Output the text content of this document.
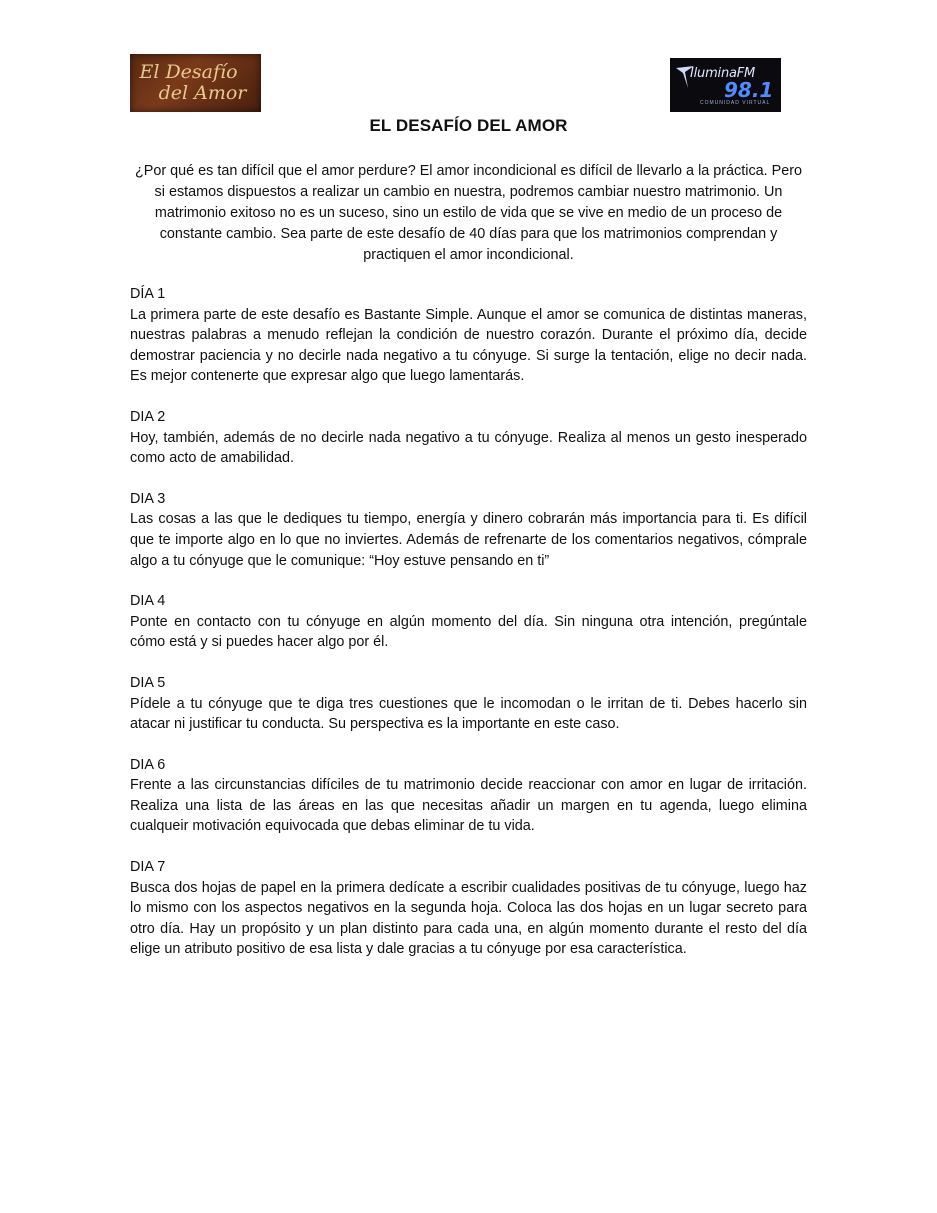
El Desafío
del Amor
IluminaFM
98.1
COMUNIDAD VIRTUAL
EL DESAFÍO DEL AMOR
¿Por qué es tan difícil que el amor perdure? El amor incondicional es difícil de llevarlo a la práctica. Pero si estamos dispuestos a realizar un cambio en nuestra, podremos cambiar nuestro matrimonio. Un matrimonio exitoso no es un suceso, sino un estilo de vida que se vive en medio de un proceso de constante cambio. Sea parte de este desafío de 40 días para que los matrimonios comprendan y practiquen el amor incondicional.
DÍA 1
La primera parte de este desafío es Bastante Simple. Aunque el amor se comunica de distintas maneras, nuestras palabras a menudo reflejan la condición de nuestro corazón. Durante el próximo día, decide demostrar paciencia y no decirle nada negativo a tu cónyuge. Si surge la tentación, elige no decir nada. Es mejor contenerte que expresar algo que luego lamentarás.
DIA 2
Hoy, también, además de no decirle nada negativo a tu cónyuge. Realiza al menos un gesto inesperado como acto de amabilidad.
DIA 3
Las cosas a las que le dediques tu tiempo, energía y dinero cobrarán más importancia para ti. Es difícil que te importe algo en lo que no inviertes. Además de refrenarte de los comentarios negativos, cómprale algo a tu cónyuge que le comunique: “Hoy estuve pensando en ti”
DIA 4
Ponte en contacto con tu cónyuge en algún momento del día. Sin ninguna otra intención, pregúntale cómo está y si puedes hacer algo por él.
DIA 5
Pídele a tu cónyuge que te diga tres cuestiones que le incomodan o le irritan de ti. Debes hacerlo sin atacar ni justificar tu conducta. Su perspectiva es la importante en este caso.
DIA 6
Frente a las circunstancias difíciles de tu matrimonio decide reaccionar con amor en lugar de irritación. Realiza una lista de las áreas en las que necesitas añadir un margen en tu agenda, luego elimina cualqueir motivación equivocada que debas eliminar de tu vida.
DIA 7
Busca dos hojas de papel en la primera dedícate a escribir cualidades positivas de tu cónyuge, luego haz lo mismo con los aspectos negativos en la segunda hoja. Coloca las dos hojas en un lugar secreto para otro día. Hay un propósito y un plan distinto para cada una, en algún momento durante el resto del día elige un atributo positivo de esa lista y dale gracias a tu cónyuge por esa característica.
